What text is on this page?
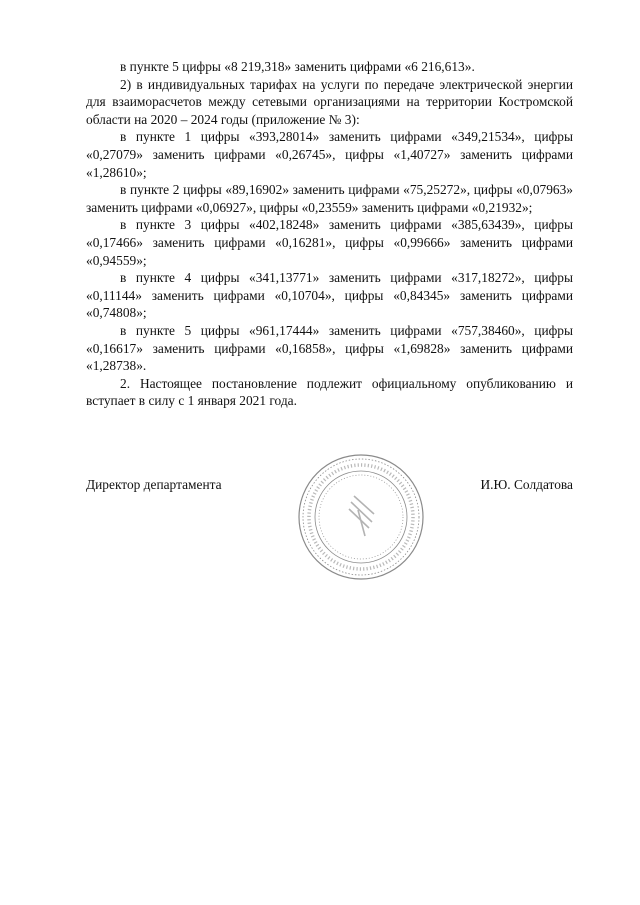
в пункте 5 цифры «8 219,318» заменить цифрами «6 216,613».

2) в индивидуальных тарифах на услуги по передаче электрической энергии для взаиморасчетов между сетевыми организациями на территории Костромской области на 2020 – 2024 годы (приложение № 3):

в пункте 1 цифры «393,28014» заменить цифрами «349,21534», цифры «0,27079» заменить цифрами «0,26745», цифры «1,40727» заменить цифрами «1,28610»;

в пункте 2 цифры «89,16902» заменить цифрами «75,25272», цифры «0,07963» заменить цифрами «0,06927», цифры «0,23559» заменить цифрами «0,21932»;

в пункте 3 цифры «402,18248» заменить цифрами «385,63439», цифры «0,17466» заменить цифрами «0,16281», цифры «0,99666» заменить цифрами «0,94559»;

в пункте 4 цифры «341,13771» заменить цифрами «317,18272», цифры «0,11144» заменить цифрами «0,10704», цифры «0,84345» заменить цифрами «0,74808»;

в пункте 5 цифры «961,17444» заменить цифрами «757,38460», цифры «0,16617» заменить цифрами «0,16858», цифры «1,69828» заменить цифрами «1,28738».

2. Настоящее постановление подлежит официальному опубликованию и вступает в силу с 1 января 2021 года.

Директор департамента	И.Ю. Солдатова
